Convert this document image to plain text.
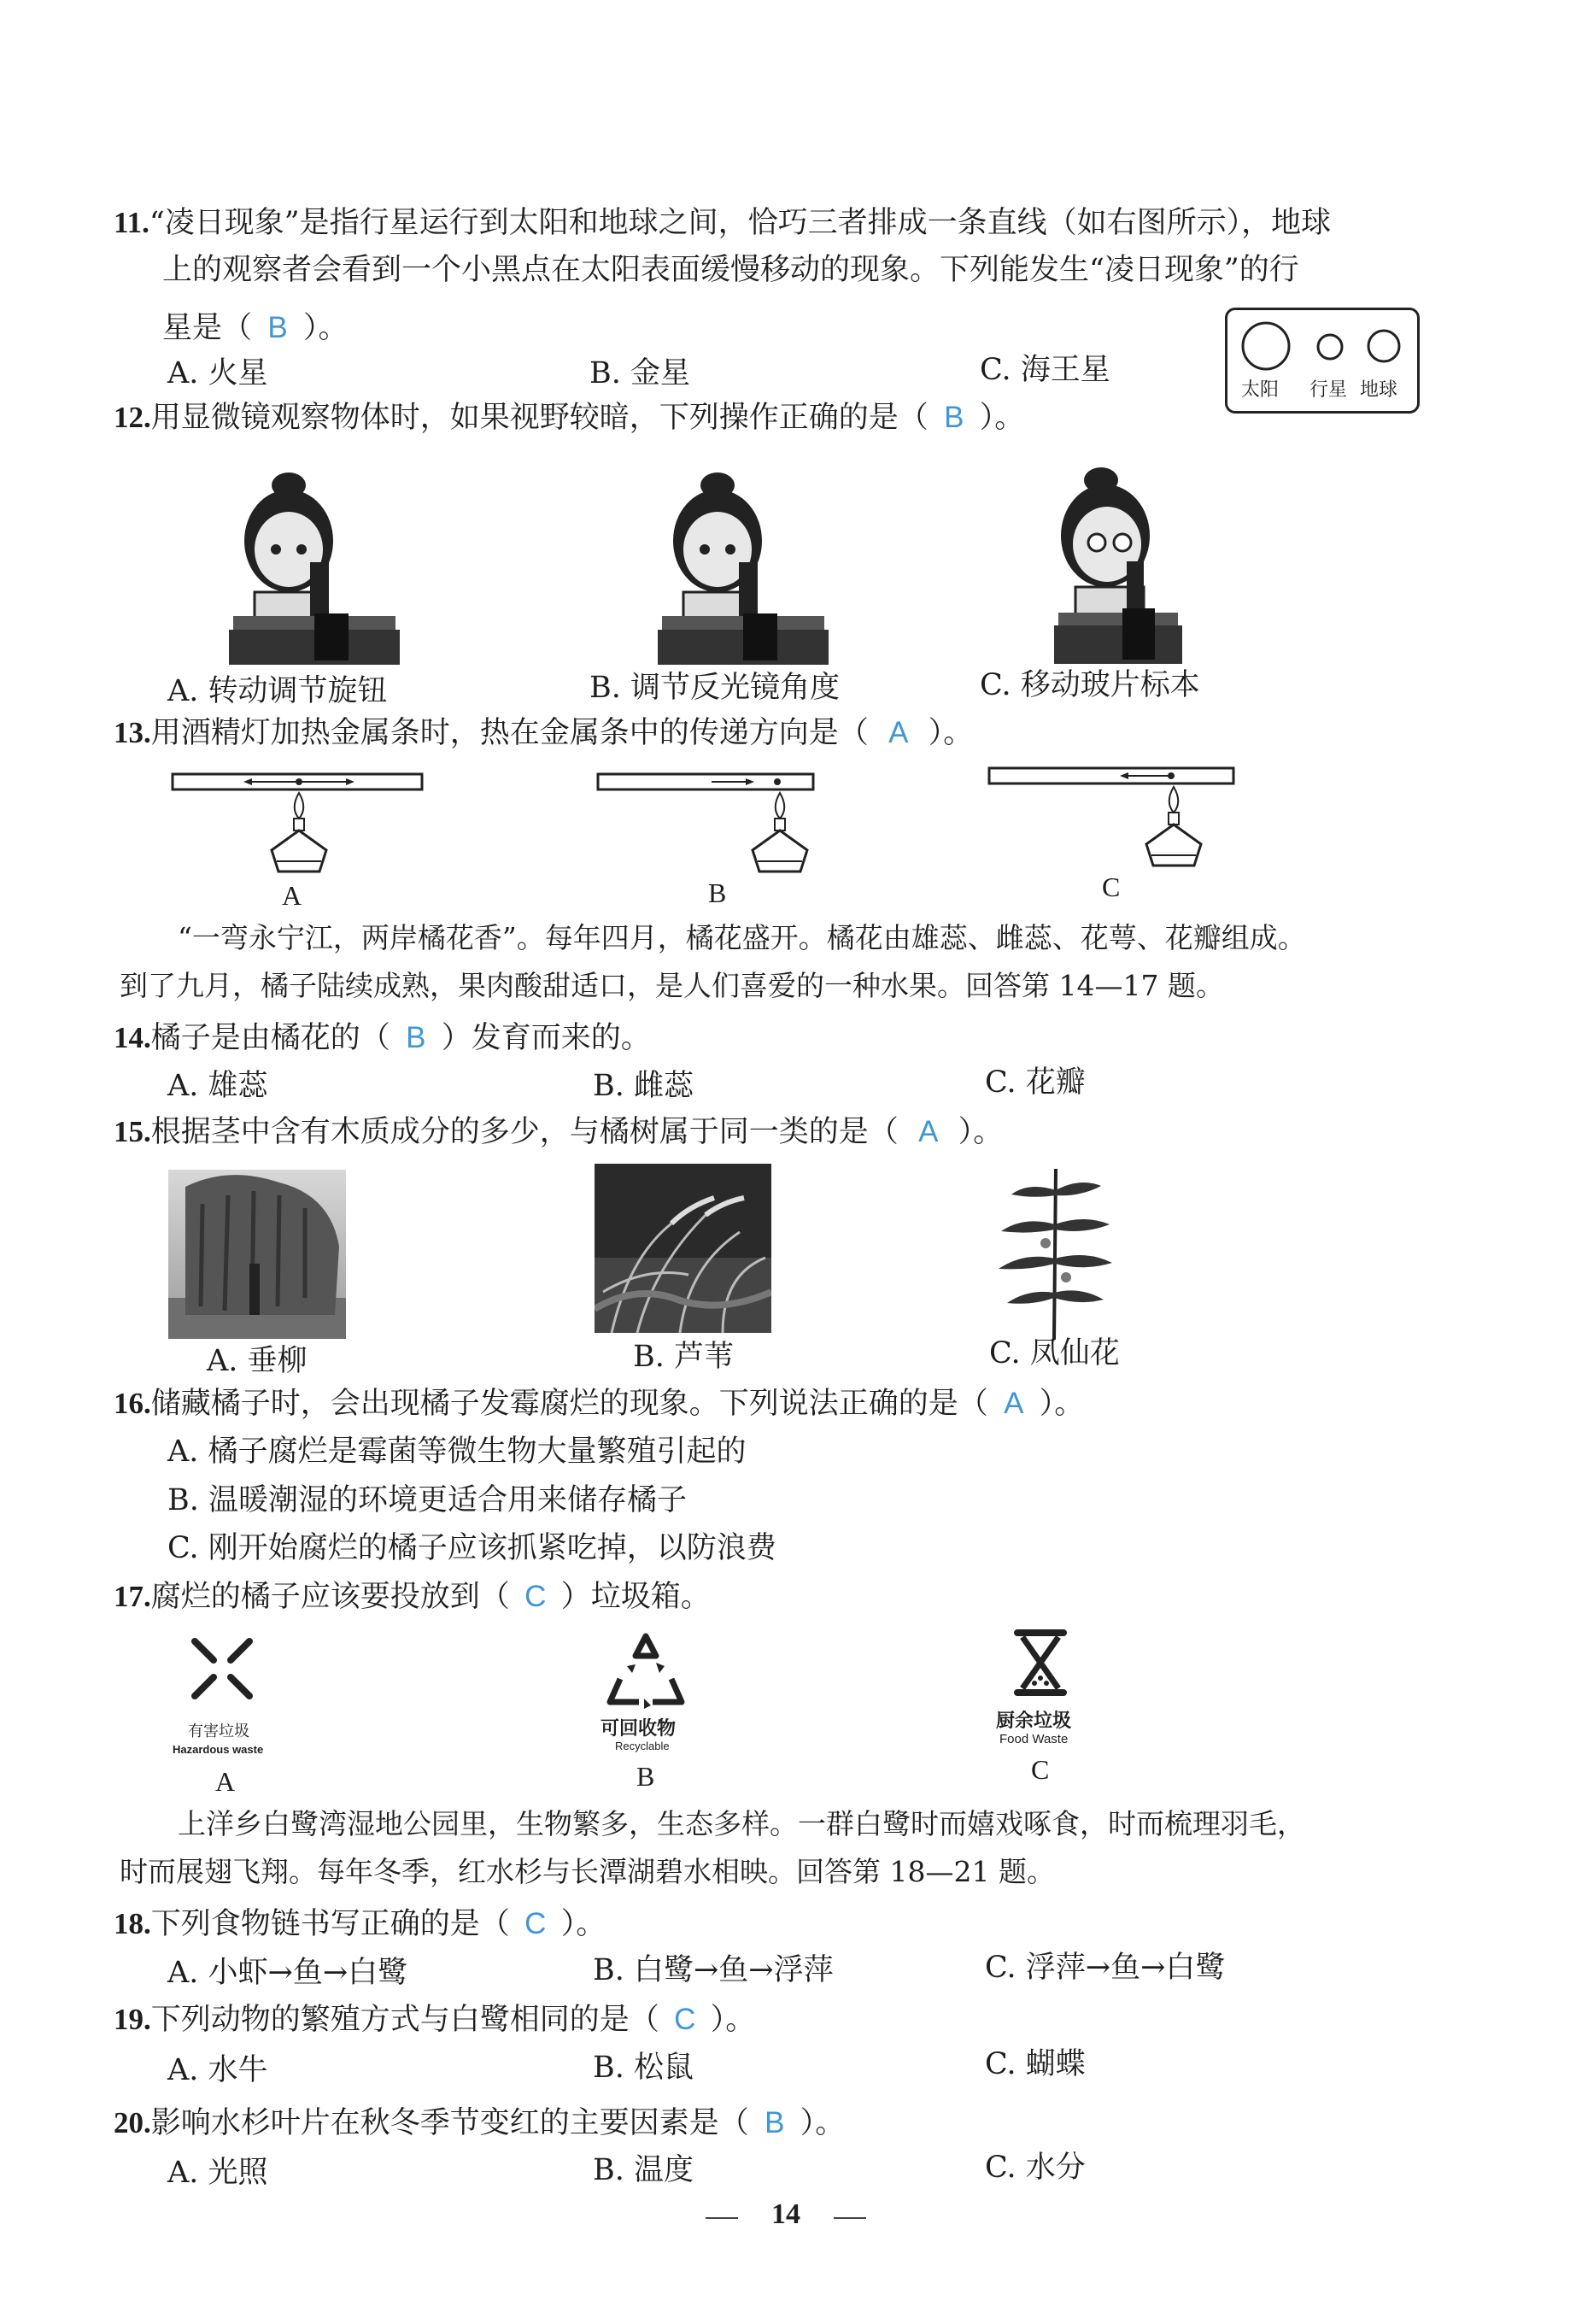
11.“凌日现象”是指行星运行到太阳和地球之间，恰巧三者排成一条直线（如右图所示），地球
上的观察者会看到一个小黑点在太阳表面缓慢移动的现象。下列能发生“凌日现象”的行
星是（ B ）。
A. 火星	B. 金星	C. 海王星
太阳 行星 地球
12.用显微镜观察物体时，如果视野较暗，下列操作正确的是（ B ）。
A. 转动调节旋钮	B. 调节反光镜角度	C. 移动玻片标本
13.用酒精灯加热金属条时，热在金属条中的传递方向是（ A ）。
A	B	C
“一弯永宁江，两岸橘花香”。每年四月，橘花盛开。橘花由雄蕊、雌蕊、花萼、花瓣组成。
到了九月，橘子陆续成熟，果肉酸甜适口，是人们喜爱的一种水果。回答第 14—17 题。
14.橘子是由橘花的（ B ）发育而来的。
A. 雄蕊	B. 雌蕊	C. 花瓣
15.根据茎中含有木质成分的多少，与橘树属于同一类的是（ A ）。
A. 垂柳	B. 芦苇	C. 凤仙花
16.储藏橘子时，会出现橘子发霉腐烂的现象。下列说法正确的是（ A ）。
A. 橘子腐烂是霉菌等微生物大量繁殖引起的
B. 温暖潮湿的环境更适合用来储存橘子
C. 刚开始腐烂的橘子应该抓紧吃掉，以防浪费
17.腐烂的橘子应该要投放到（ C ）垃圾箱。
有害垃圾
Hazardous waste
A
可回收物
Recyclable
B
厨余垃圾
Food Waste
C
上洋乡白鹭湾湿地公园里，生物繁多，生态多样。一群白鹭时而嬉戏啄食，时而梳理羽毛，
时而展翅飞翔。每年冬季，红水杉与长潭湖碧水相映。回答第 18—21 题。
18.下列食物链书写正确的是（ C ）。
A. 小虾→鱼→白鹭	B. 白鹭→鱼→浮萍	C. 浮萍→鱼→白鹭
19.下列动物的繁殖方式与白鹭相同的是（ C ）。
A. 水牛	B. 松鼠	C. 蝴蝶
20.影响水杉叶片在秋冬季节变红的主要因素是（ B ）。
A. 光照	B. 温度	C. 水分
14
